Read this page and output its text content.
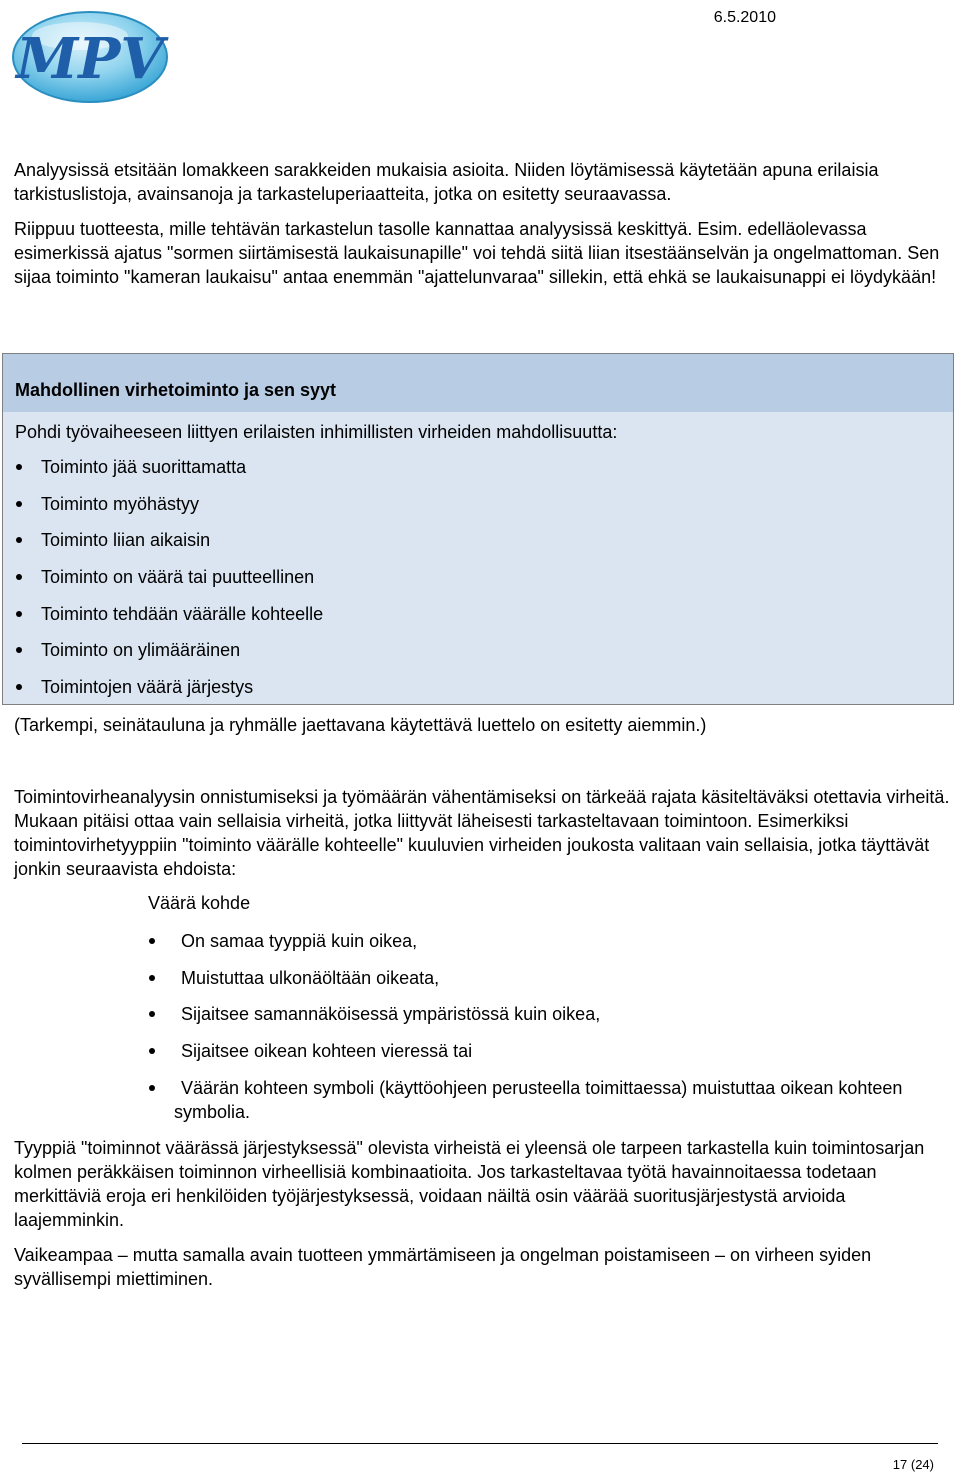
MPV
6.5.2010
Analyysissä etsitään lomakkeen sarakkeiden mukaisia asioita. Niiden löytämisessä käytetään apuna erilaisia tarkistuslistoja, avainsanoja ja tarkasteluperiaatteita, jotka on esitetty seuraavassa.
Riippuu tuotteesta, mille tehtävän tarkastelun tasolle kannattaa analyysissä keskittyä. Esim. edelläolevassa esimerkissä ajatus "sormen siirtämisestä laukaisunapille" voi tehdä siitä liian itsestäänselvän ja ongelmattoman. Sen sijaa toiminto "kameran laukaisu" antaa enemmän "ajattelunvaraa" sillekin, että ehkä se laukaisunappi ei löydykään!
Mahdollinen virhetoiminto ja sen syyt
Pohdi työvaiheeseen liittyen erilaisten inhimillisten virheiden mahdollisuutta:
Toiminto jää suorittamatta
Toiminto myöhästyy
Toiminto liian aikaisin
Toiminto on väärä tai puutteellinen
Toiminto tehdään väärälle kohteelle
Toiminto on ylimääräinen
Toimintojen väärä järjestys
(Tarkempi, seinätauluna ja ryhmälle jaettavana käytettävä luettelo on esitetty aiemmin.)
Toimintovirheanalyysin onnistumiseksi ja työmäärän vähentämiseksi on tärkeää rajata käsiteltäväksi otettavia virheitä. Mukaan pitäisi ottaa vain sellaisia virheitä, jotka liittyvät läheisesti tarkasteltavaan toimintoon. Esimerkiksi toimintovirhetyyppiin "toiminto väärälle kohteelle" kuuluvien virheiden joukosta valitaan vain sellaisia, jotka täyttävät jonkin seuraavista ehdoista:
Väärä kohde
On samaa tyyppiä kuin oikea,
Muistuttaa ulkonäöltään oikeata,
Sijaitsee samannäköisessä ympäristössä kuin oikea,
Sijaitsee oikean kohteen vieressä tai
Väärän kohteen symboli (käyttöohjeen perusteella toimittaessa) muistuttaa oikean kohteen symbolia.
Tyyppiä "toiminnot väärässä järjestyksessä" olevista virheistä ei yleensä ole tarpeen tarkastella kuin toimintosarjan kolmen peräkkäisen toiminnon virheellisiä kombinaatioita. Jos tarkasteltavaa työtä havainnoitaessa todetaan merkittäviä eroja eri henkilöiden työjärjestyksessä, voidaan näiltä osin väärää suoritusjärjestystä arvioida laajemminkin.
Vaikeampaa – mutta samalla avain tuotteen ymmärtämiseen ja ongelman poistamiseen – on virheen syiden syvällisempi miettiminen.
17 (24)
